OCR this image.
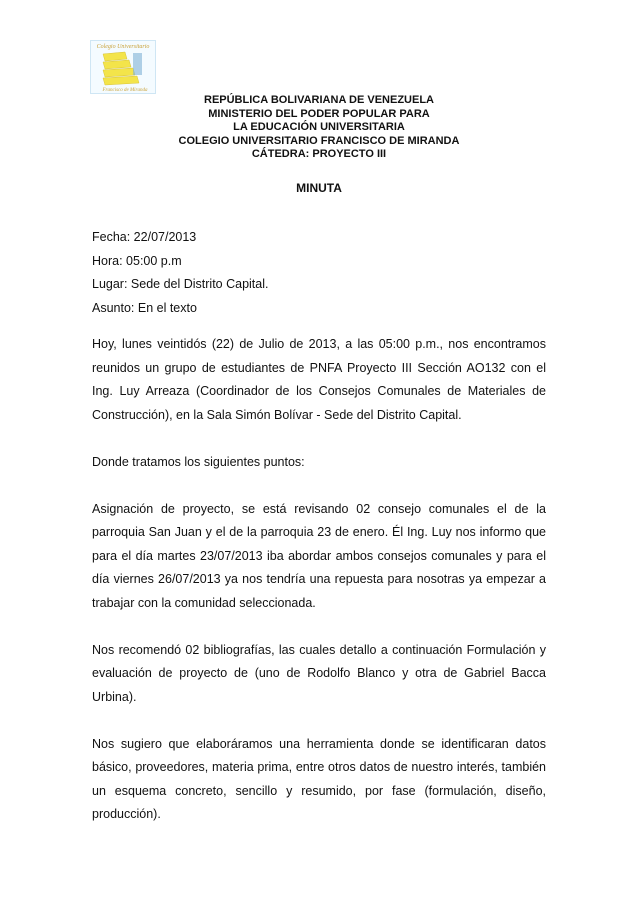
Colegio Universitario
Francisco de Miranda
REPÚBLICA BOLIVARIANA DE VENEZUELA
MINISTERIO DEL PODER POPULAR PARA
LA EDUCACIÓN UNIVERSITARIA
COLEGIO UNIVERSITARIO FRANCISCO DE MIRANDA
CÁTEDRA: PROYECTO III
MINUTA
Fecha: 22/07/2013
Hora: 05:00 p.m
Lugar: Sede del Distrito Capital.
Asunto: En el texto

Hoy, lunes veintidós (22) de Julio de 2013, a las 05:00 p.m., nos encontramos reunidos un grupo de estudiantes de PNFA Proyecto III Sección AO132 con el Ing. Luy Arreaza (Coordinador de los Consejos Comunales de Materiales de Construcción), en la Sala Simón Bolívar - Sede del Distrito Capital.

Donde tratamos los siguientes puntos:

Asignación de proyecto, se está revisando 02 consejo comunales el de la parroquia San Juan y el de la parroquia 23 de enero. Él Ing. Luy nos informo que para el día martes 23/07/2013 iba abordar ambos consejos comunales y para el día viernes 26/07/2013 ya nos tendría una repuesta para nosotras ya empezar a trabajar con la comunidad seleccionada.

Nos recomendó 02 bibliografías, las cuales detallo a continuación Formulación y evaluación de proyecto de (uno de Rodolfo Blanco y otra de Gabriel Bacca Urbina).

Nos sugiero que elaboráramos una herramienta donde se identificaran datos básico, proveedores, materia prima, entre otros datos de nuestro interés, también un esquema concreto, sencillo y resumido, por fase (formulación, diseño, producción).
